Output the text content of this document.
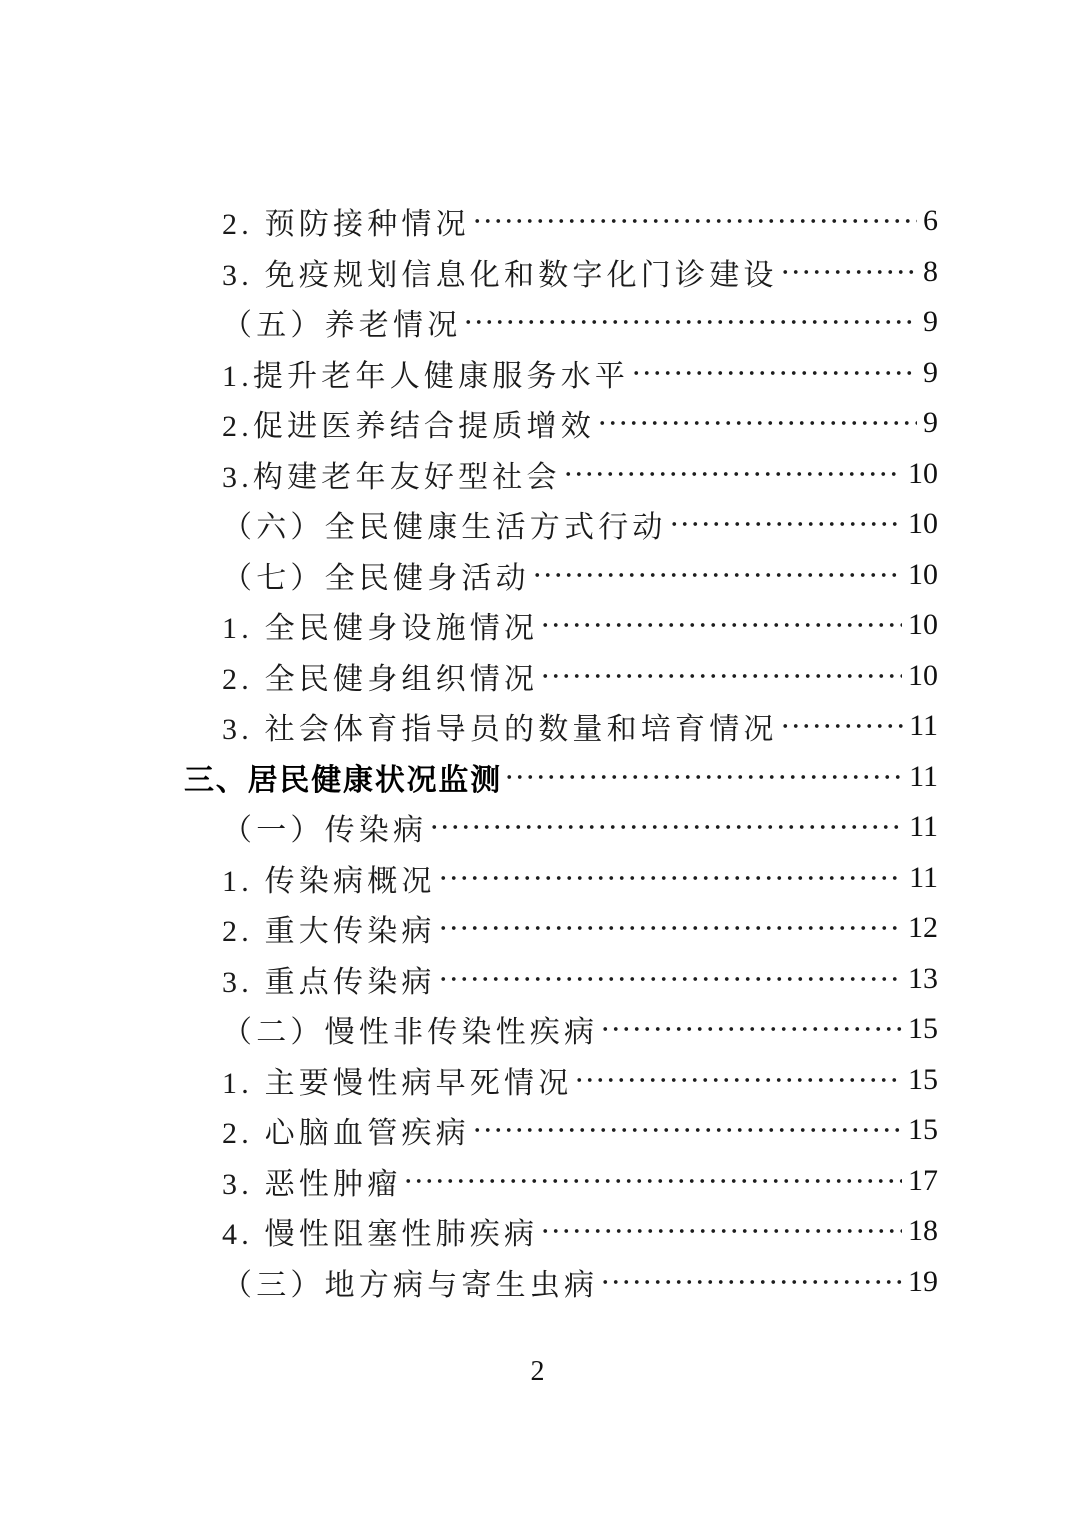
2. 预防接种情况	6
3. 免疫规划信息化和数字化门诊建设	8
（五）养老情况	9
1.提升老年人健康服务水平	9
2.促进医养结合提质增效	9
3.构建老年友好型社会	10
（六）全民健康生活方式行动	10
（七）全民健身活动	10
1. 全民健身设施情况	10
2. 全民健身组织情况	10
3. 社会体育指导员的数量和培育情况	11
三、居民健康状况监测	11
（一）传染病	11
1. 传染病概况	11
2. 重大传染病	12
3. 重点传染病	13
（二）慢性非传染性疾病	15
1. 主要慢性病早死情况	15
2. 心脑血管疾病	15
3. 恶性肿瘤	17
4. 慢性阻塞性肺疾病	18
（三）地方病与寄生虫病	19
2
